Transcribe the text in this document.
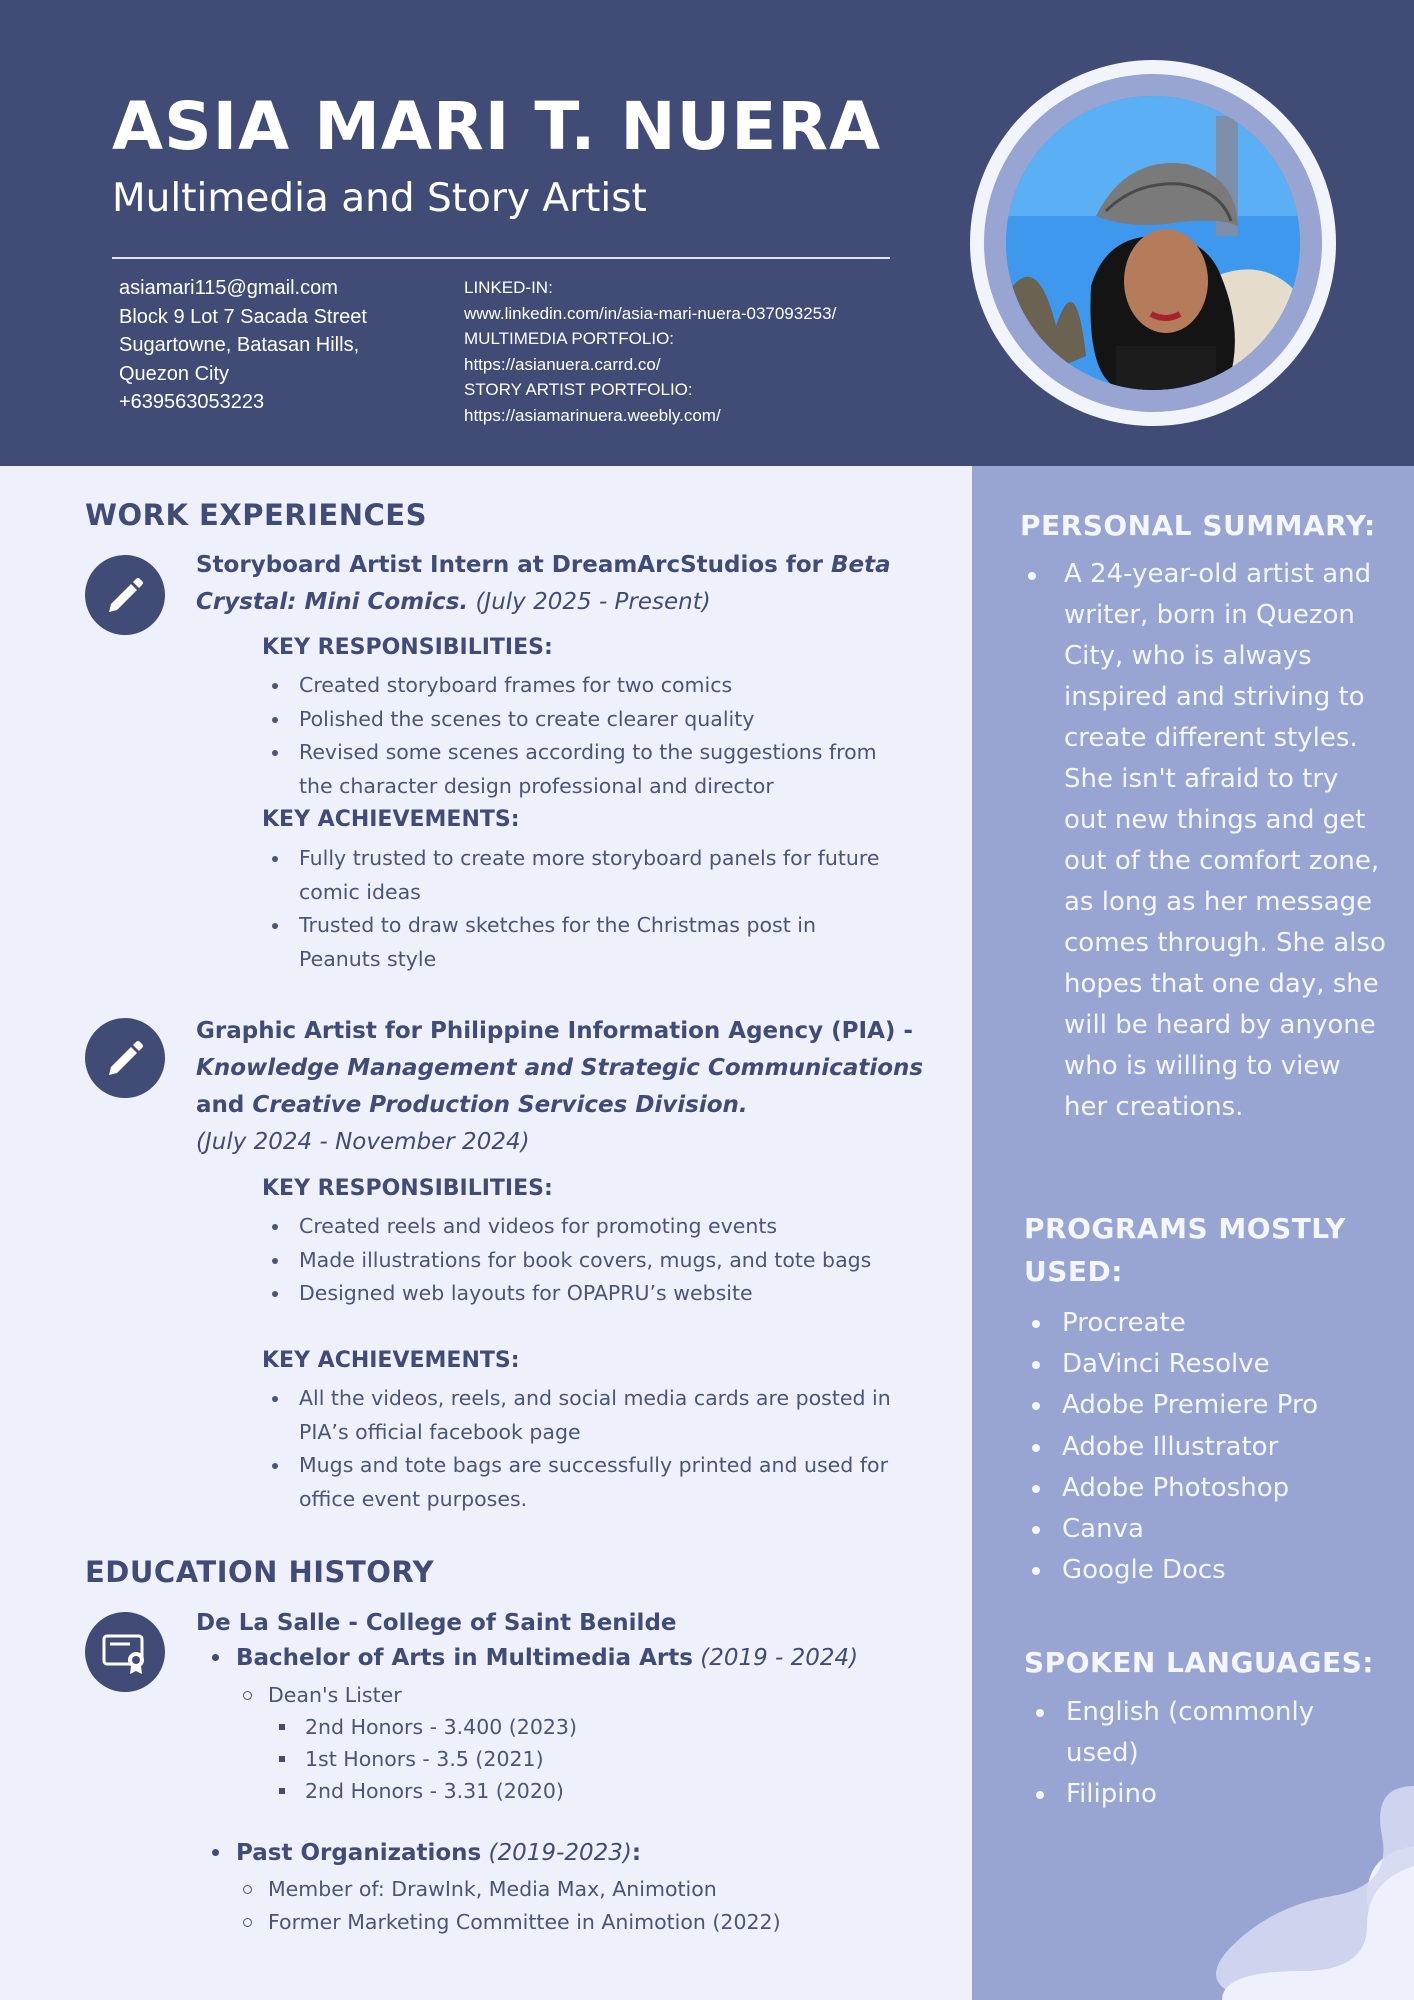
ASIA MARI T. NUERA
Multimedia and Story Artist
asiamari115@gmail.com
Block 9 Lot 7 Sacada Street
Sugartowne, Batasan Hills,
Quezon City
+639563053223
LINKED-IN:
www.linkedin.com/in/asia-mari-nuera-037093253/
MULTIMEDIA PORTFOLIO:
https://asianuera.carrd.co/
STORY ARTIST PORTFOLIO:
https://asiamarinuera.weebly.com/
WORK EXPERIENCES
Storyboard Artist Intern at DreamArcStudios for Beta Crystal: Mini Comics. (July 2025 - Present)
KEY RESPONSIBILITIES:
Created storyboard frames for two comics
Polished the scenes to create clearer quality
Revised some scenes according to the suggestions from the character design professional and director
KEY ACHIEVEMENTS:
Fully trusted to create more storyboard panels for future comic ideas
Trusted to draw sketches for the Christmas post in Peanuts style
Graphic Artist for Philippine Information Agency (PIA) - Knowledge Management and Strategic Communications and Creative Production Services Division.
(July 2024 - November 2024)
KEY RESPONSIBILITIES:
Created reels and videos for promoting events
Made illustrations for book covers, mugs, and tote bags
Designed web layouts for OPAPRU’s website
KEY ACHIEVEMENTS:
All the videos, reels, and social media cards are posted in PIA’s official facebook page
Mugs and tote bags are successfully printed and used for office event purposes.
EDUCATION HISTORY
De La Salle - College of Saint Benilde
Bachelor of Arts in Multimedia Arts (2019 - 2024)
Dean's Lister
2nd Honors - 3.400 (2023)
1st Honors - 3.5 (2021)
2nd Honors - 3.31 (2020)
Past Organizations (2019-2023):
Member of: DrawInk, Media Max, Animotion
Former Marketing Committee in Animotion (2022)
PERSONAL SUMMARY:
A 24-year-old artist and writer, born in Quezon City, who is always inspired and striving to create different styles. She isn't afraid to try out new things and get out of the comfort zone, as long as her message comes through. She also hopes that one day, she will be heard by anyone who is willing to view her creations.
PROGRAMS MOSTLY USED:
Procreate
DaVinci Resolve
Adobe Premiere Pro
Adobe Illustrator
Adobe Photoshop
Canva
Google Docs
SPOKEN LANGUAGES:
English (commonly used)
Filipino
